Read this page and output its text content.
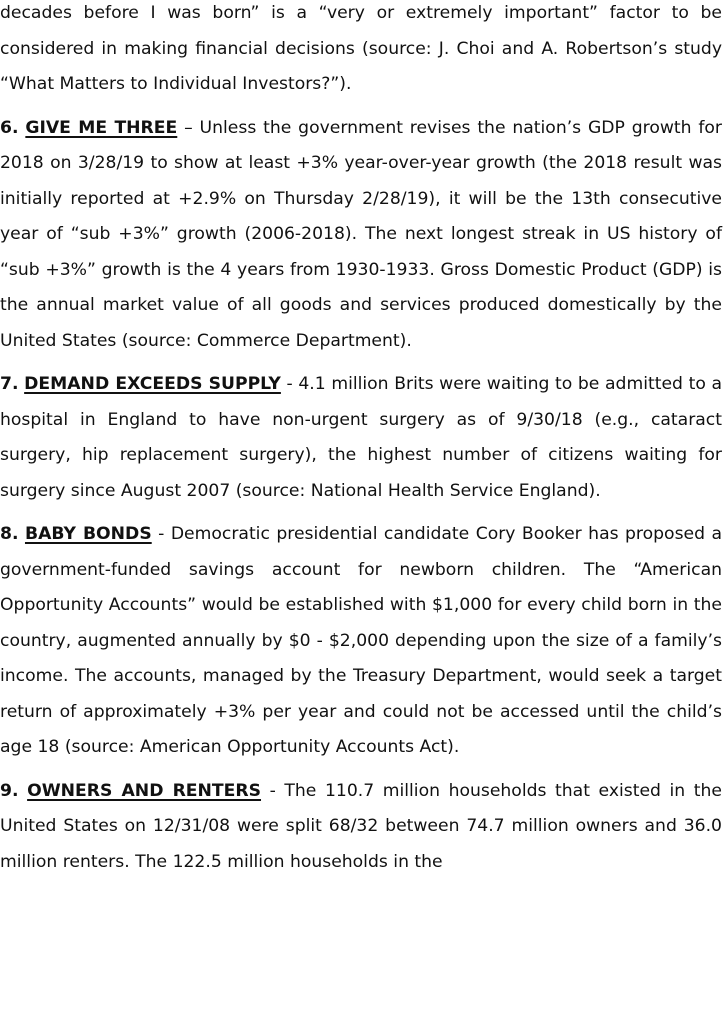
decades before I was born” is a “very or extremely important” factor to be considered in making financial decisions (source: J. Choi and A. Robertson’s study “What Matters to Individual Investors?”).

6. GIVE ME THREE – Unless the government revises the nation’s GDP growth for 2018 on 3/28/19 to show at least +3% year-over-year growth (the 2018 result was initially reported at +2.9% on Thursday 2/28/19), it will be the 13th consecutive year of “sub +3%” growth (2006-2018). The next longest streak in US history of “sub +3%” growth is the 4 years from 1930-1933. Gross Domestic Product (GDP) is the annual market value of all goods and services produced domestically by the United States (source: Commerce Department).

7. DEMAND EXCEEDS SUPPLY - 4.1 million Brits were waiting to be admitted to a hospital in England to have non-urgent surgery as of 9/30/18 (e.g., cataract surgery, hip replacement surgery), the highest number of citizens waiting for surgery since August 2007 (source: National Health Service England).

8. BABY BONDS - Democratic presidential candidate Cory Booker has proposed a government-funded savings account for newborn children. The “American Opportunity Accounts” would be established with $1,000 for every child born in the country, augmented annually by $0 - $2,000 depending upon the size of a family’s income. The accounts, managed by the Treasury Department, would seek a target return of approximately +3% per year and could not be accessed until the child’s age 18 (source: American Opportunity Accounts Act).

9. OWNERS AND RENTERS - The 110.7 million households that existed in the United States on 12/31/08 were split 68/32 between 74.7 million owners and 36.0 million renters. The 122.5 million households in the
